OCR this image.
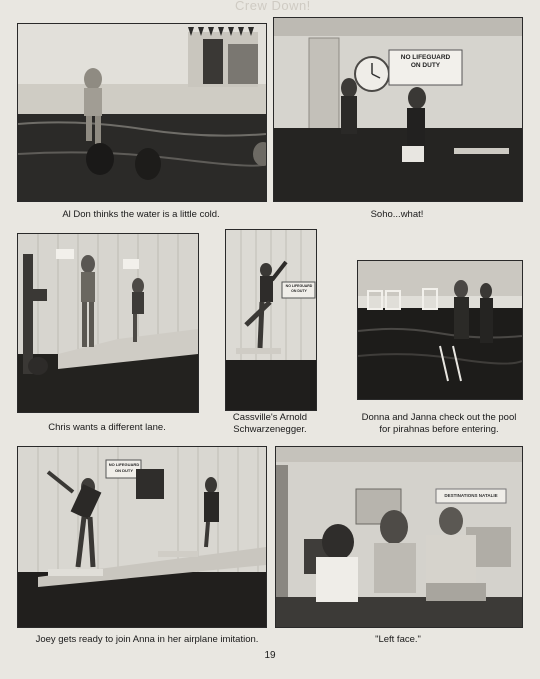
Crew Down!
Al Don thinks the water is a little cold.
NO LIFEGUARD
ON DUTY
Soho...what!
Chris wants a different lane.
NO LIFEGUARD
ON DUTY
Cassville's Arnold
Schwarzenegger.
Donna and Janna check out the pool
for pirahnas before entering.
NO LIFEGUARD
ON DUTY
Joey gets ready to join Anna in her airplane imitation.
DESTINATIONS NATALIE
"Left face."
19
